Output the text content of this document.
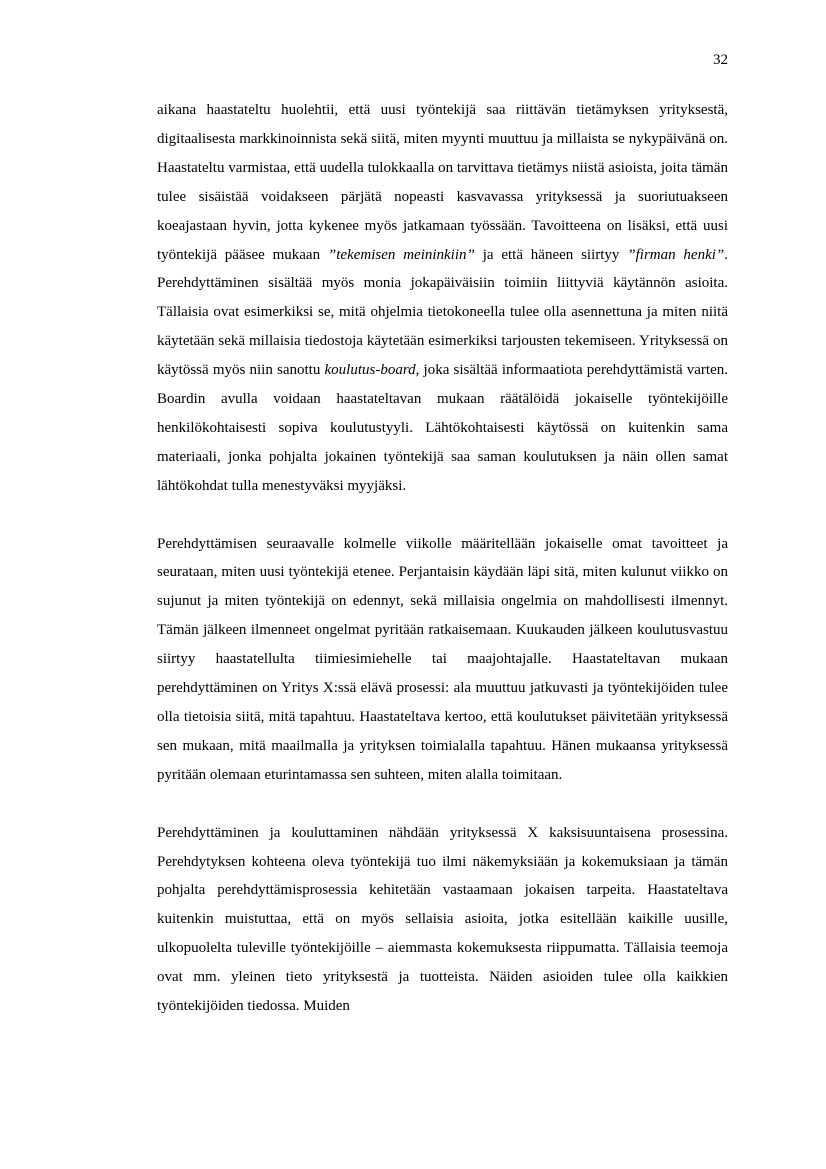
32

aikana haastateltu huolehtii, että uusi työntekijä saa riittävän tietämyksen yrityksestä, digitaalisesta markkinoinnista sekä siitä, miten myynti muuttuu ja millaista se nykypäivänä on. Haastateltu varmistaa, että uudella tulokkaalla on tarvittava tietämys niistä asioista, joita tämän tulee sisäistää voidakseen pärjätä nopeasti kasvavassa yrityksessä ja suoriutuakseen koeajastaan hyvin, jotta kykenee myös jatkamaan työssään. Tavoitteena on lisäksi, että uusi työntekijä pääsee mukaan ”tekemisen meininkiin” ja että häneen siirtyy ”firman henki”. Perehdyttäminen sisältää myös monia jokapäiväisiin toimiin liittyviä käytännön asioita. Tällaisia ovat esimerkiksi se, mitä ohjelmia tietokoneella tulee olla asennettuna ja miten niitä käytetään sekä millaisia tiedostoja käytetään esimerkiksi tarjousten tekemiseen. Yrityksessä on käytössä myös niin sanottu koulutus-board, joka sisältää informaatiota perehdyttämistä varten. Boardin avulla voidaan haastateltavan mukaan räätälöidä jokaiselle työntekijöille henkilökohtaisesti sopiva koulutustyyli. Lähtökohtaisesti käytössä on kuitenkin sama materiaali, jonka pohjalta jokainen työntekijä saa saman koulutuksen ja näin ollen samat lähtökohdat tulla menestyväksi myyjäksi.

Perehdyttämisen seuraavalle kolmelle viikolle määritellään jokaiselle omat tavoitteet ja seurataan, miten uusi työntekijä etenee. Perjantaisin käydään läpi sitä, miten kulunut viikko on sujunut ja miten työntekijä on edennyt, sekä millaisia ongelmia on mahdollisesti ilmennyt. Tämän jälkeen ilmenneet ongelmat pyritään ratkaisemaan. Kuukauden jälkeen koulutusvastuu siirtyy haastatellulta tiimiesimiehelle tai maajohtajalle. Haastateltavan mukaan perehdyttäminen on Yritys X:ssä elävä prosessi: ala muuttuu jatkuvasti ja työntekijöiden tulee olla tietoisia siitä, mitä tapahtuu. Haastateltava kertoo, että koulutukset päivitetään yrityksessä sen mukaan, mitä maailmalla ja yrityksen toimialalla tapahtuu. Hänen mukaansa yrityksessä pyritään olemaan eturintamassa sen suhteen, miten alalla toimitaan.

Perehdyttäminen ja kouluttaminen nähdään yrityksessä X kaksisuuntaisena prosessina. Perehdytyksen kohteena oleva työntekijä tuo ilmi näkemyksiään ja kokemuksiaan ja tämän pohjalta perehdyttämisprosessia kehitetään vastaamaan jokaisen tarpeita. Haastateltava kuitenkin muistuttaa, että on myös sellaisia asioita, jotka esitellään kaikille uusille, ulkopuolelta tuleville työntekijöille – aiemmasta kokemuksesta riippumatta. Tällaisia teemoja ovat mm. yleinen tieto yrityksestä ja tuotteista. Näiden asioiden tulee olla kaikkien työntekijöiden tiedossa. Muiden
